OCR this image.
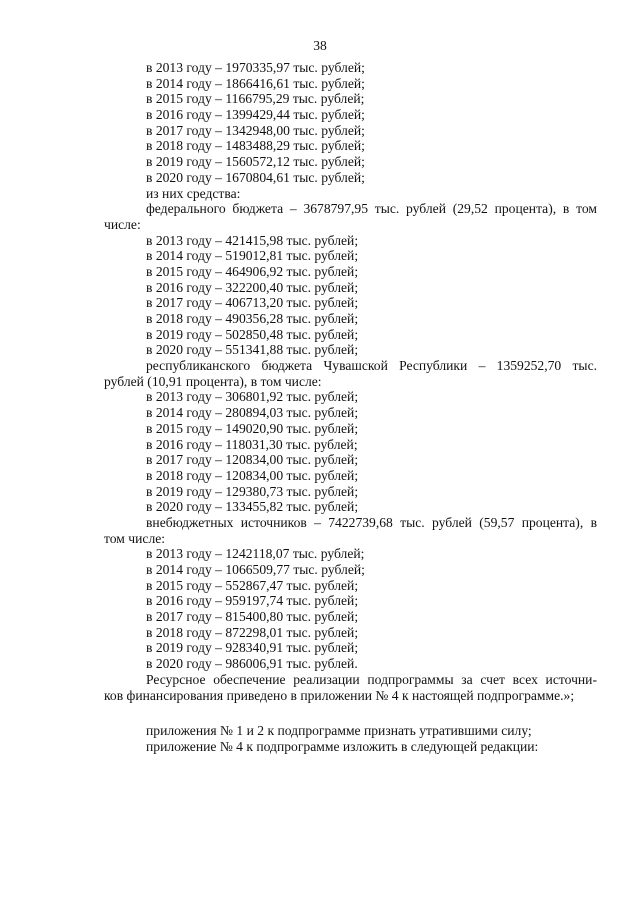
38
в 2013 году – 1970335,97 тыс. рублей;
в 2014 году – 1866416,61 тыс. рублей;
в 2015 году – 1166795,29 тыс. рублей;
в 2016 году – 1399429,44 тыс. рублей;
в 2017 году – 1342948,00 тыс. рублей;
в 2018 году – 1483488,29 тыс. рублей;
в 2019 году – 1560572,12 тыс. рублей;
в 2020 году – 1670804,61 тыс. рублей;
из них средства:
федерального бюджета – 3678797,95 тыс. рублей (29,52 процента), в том
числе:
в 2013 году – 421415,98 тыс. рублей;
в 2014 году – 519012,81 тыс. рублей;
в 2015 году – 464906,92 тыс. рублей;
в 2016 году – 322200,40 тыс. рублей;
в 2017 году – 406713,20 тыс. рублей;
в 2018 году – 490356,28 тыс. рублей;
в 2019 году – 502850,48 тыс. рублей;
в 2020 году – 551341,88 тыс. рублей;
республиканского бюджета Чувашской Республики – 1359252,70 тыс.
рублей (10,91 процента), в том числе:
в 2013 году – 306801,92 тыс. рублей;
в 2014 году – 280894,03 тыс. рублей;
в 2015 году – 149020,90 тыс. рублей;
в 2016 году – 118031,30 тыс. рублей;
в 2017 году – 120834,00 тыс. рублей;
в 2018 году – 120834,00 тыс. рублей;
в 2019 году – 129380,73 тыс. рублей;
в 2020 году – 133455,82 тыс. рублей;
внебюджетных источников – 7422739,68 тыс. рублей (59,57 процента), в
том числе:
в 2013 году – 1242118,07 тыс. рублей;
в 2014 году – 1066509,77 тыс. рублей;
в 2015 году – 552867,47 тыс. рублей;
в 2016 году – 959197,74 тыс. рублей;
в 2017 году – 815400,80 тыс. рублей;
в 2018 году – 872298,01 тыс. рублей;
в 2019 году – 928340,91 тыс. рублей;
в 2020 году – 986006,91 тыс. рублей.
Ресурсное обеспечение реализации подпрограммы за счет всех источни-
ков финансирования приведено в приложении № 4 к настоящей подпрограмме.»;
приложения № 1 и 2 к подпрограмме признать утратившими силу;
приложение № 4 к подпрограмме изложить в следующей редакции:
